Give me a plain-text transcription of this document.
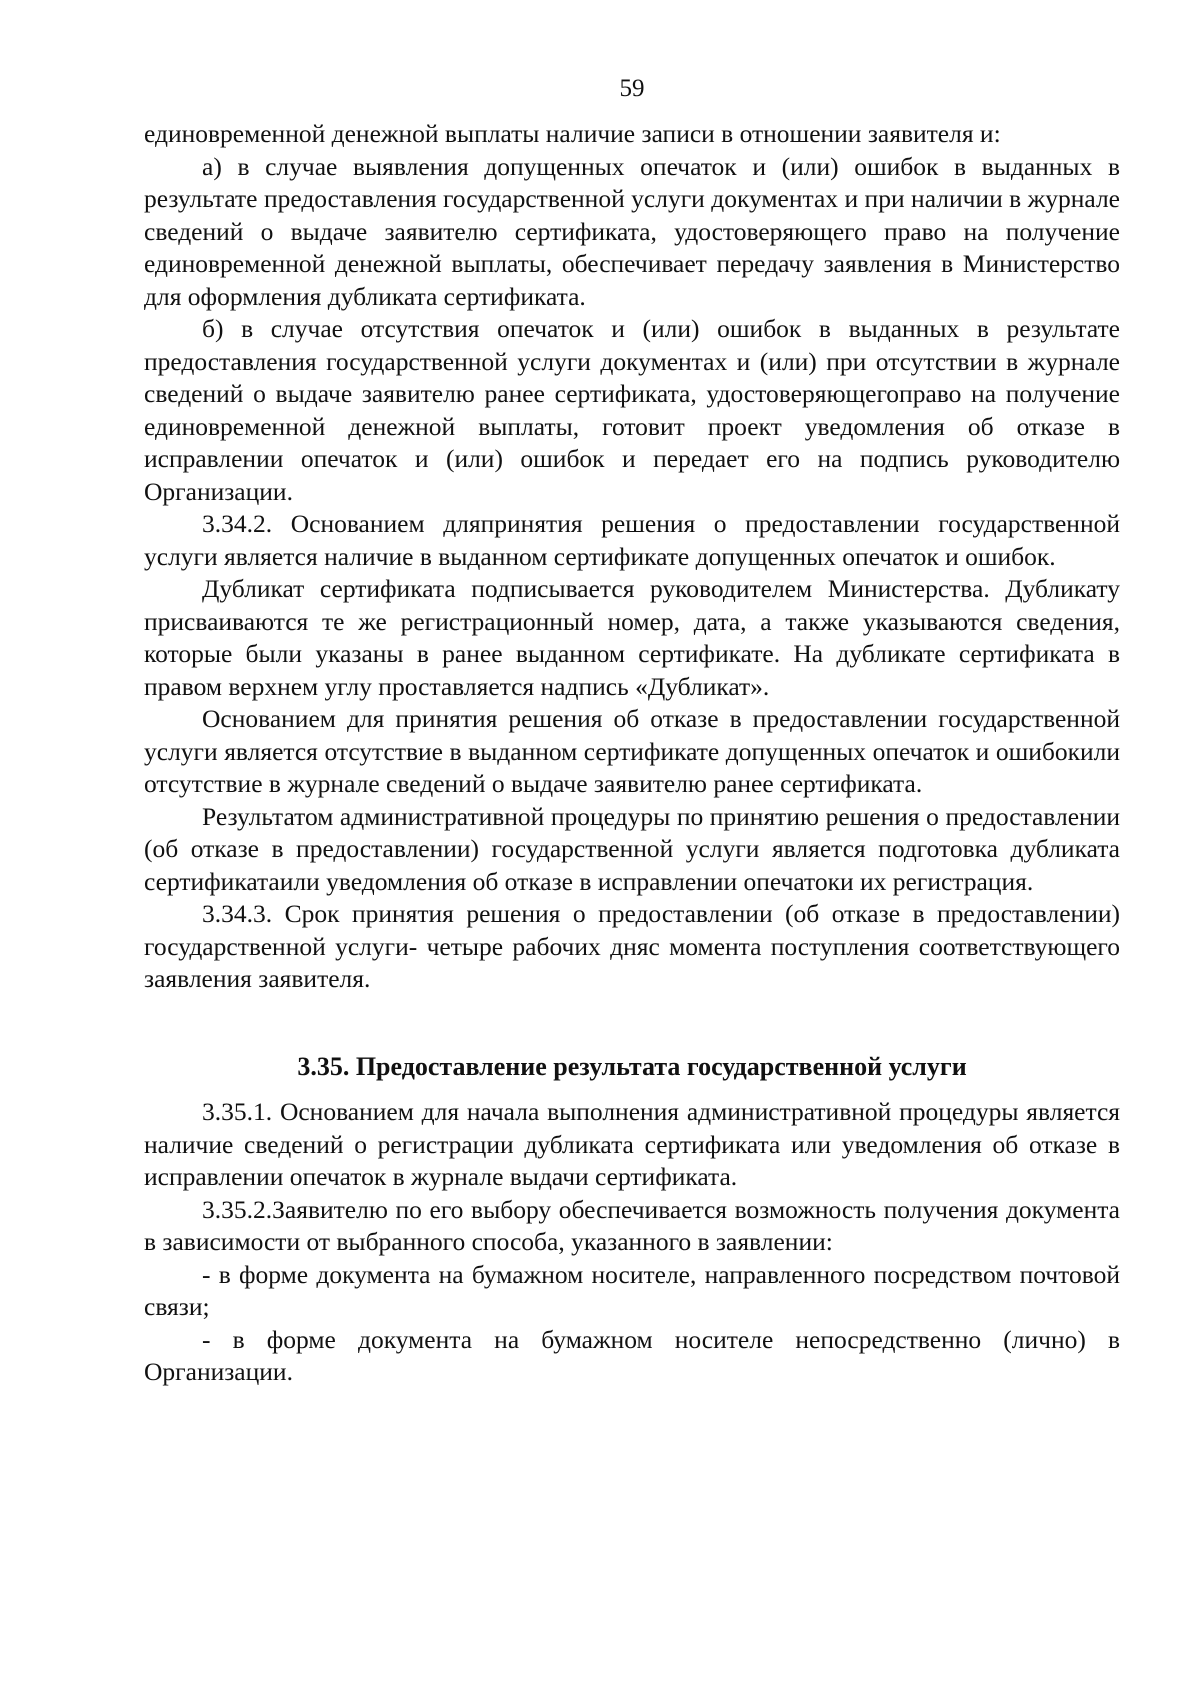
59

единовременной денежной выплаты наличие записи в отношении заявителя и:

а) в случае выявления допущенных опечаток и (или) ошибок в выданных в результате предоставления государственной услуги документах и при наличии в журнале сведений о выдаче заявителю сертификата, удостоверяющего право на получение единовременной денежной выплаты, обеспечивает передачу заявления в Министерство для оформления дубликата сертификата.

б) в случае отсутствия опечаток и (или) ошибок в выданных в результате предоставления государственной услуги документах и (или) при отсутствии в журнале сведений о выдаче заявителю ранее сертификата, удостоверяющегоправо на получение единовременной денежной выплаты, готовит проект уведомления об отказе в исправлении опечаток и (или) ошибок и передает его на подпись руководителю Организации.

3.34.2. Основанием дляпринятия решения о предоставлении государственной услуги является наличие в выданном сертификате допущенных опечаток и ошибок.

Дубликат сертификата подписывается руководителем Министерства. Дубликату присваиваются те же регистрационный номер, дата, а также указываются сведения, которые были указаны в ранее выданном сертификате. На дубликате сертификата в правом верхнем углу проставляется надпись «Дубликат».

Основанием для принятия решения об отказе в предоставлении государственной услуги является отсутствие в выданном сертификате допущенных опечаток и ошибокили отсутствие в журнале сведений о выдаче заявителю ранее сертификата.

Результатом административной процедуры по принятию решения о предоставлении (об отказе в предоставлении) государственной услуги является подготовка дубликата сертификатаили уведомления об отказе в исправлении опечатоки их регистрация.

3.34.3. Срок принятия решения о предоставлении (об отказе в предоставлении) государственной услуги- четыре рабочих дняс момента поступления соответствующего заявления заявителя.

3.35. Предоставление результата государственной услуги

3.35.1. Основанием для начала выполнения административной процедуры является наличие сведений о регистрации дубликата сертификата или уведомления об отказе в исправлении опечаток в журнале выдачи сертификата.

3.35.2.Заявителю по его выбору обеспечивается возможность получения документа в зависимости от выбранного способа, указанного в заявлении:

- в форме документа на бумажном носителе, направленного посредством почтовой связи;

- в форме документа на бумажном носителе непосредственно (лично) в Организации.
